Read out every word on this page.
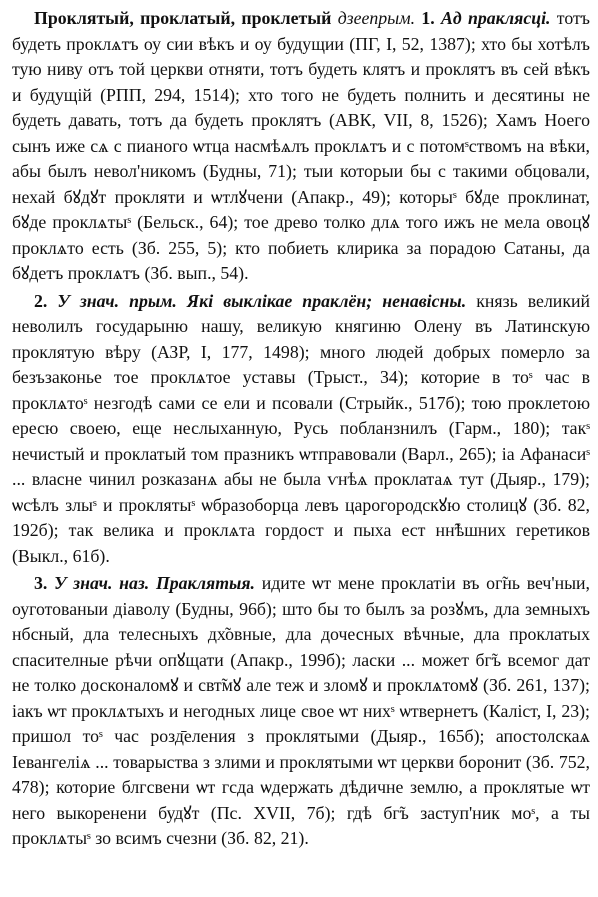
Проклятый, проклатый, проклетый дзеeпрым. 1. Ад праклясці. тотъ будеть проклѧтъ оу сии вѣкъ и оу будущии (ПГ, I, 52, 1387); хто бы хотѣлъ тую ниву отъ той церкви отняти, тотъ будеть клятъ и проклятъ въ сей вѣкъ и будущій (РПП, 294, 1514); хто того не будеть полнить и десятины не будеть давать, тотъ да будеть проклятъ (АВК, VII, 8, 1526); Хамъ Ноего сынъ иже сѧ с пианого ѡтца насмѣѧлъ проклѧтъ и с потомˢствомъ на вѣки, абы былъ невол'никомъ (Будны, 71); тыи которыи бы с такими обцовали, нехай бꙋдꙋт прокляти и ѡтлꙋчени (Апакр., 49); которыˢ бꙋде проклинат, бꙋде проклѧтыˢ (Бельск., 64); тое древо толко длѧ того ижъ не мела овоцꙋ проклѧто есть (Зб. 255, 5); кто побиеть клирика за порадою Сатаны, да бꙋдетъ проклѧтъ (Зб. вып., 54).

2. У знач. прым. Які выклікае праклён; ненавісны. князь великий неволилъ государыню нашу, великую княгиню Олену въ Латинскую проклятую вѣру (АЗР, I, 177, 1498); много людей добрых померло за безъзаконье тое проклѧтое уставы (Трыст., 34); которие в тоˢ час в проклѧтоˢ незгодѣ сами се ели и псовали (Стрыйк., 517б); тою проклетою ересю своею, еще неслыханную, Русь побланзнилъ (Гарм., 180); такˢ нечистый и проклатый том празникъ ѡтправовали (Варл., 265); іа Афанасиˢ ... власне чинил розказанѧ абы не была ѵнѣѧ проклатаѧ тут (Дыяр., 179); ѡсѣлъ злыˢ и проклятыˢ ѡбразоборца левъ царогородскꙋю столицꙋ (Зб. 82, 192б); так велика и проклѧта гордост и пыха ест нн̃ѣшних геретиков (Выкл., 61б).

3. У знач. наз. Праклятыя. идите ѡт мене проклатiи въ ог̃нь веч'ныи, оуготованыи діаволу (Будны, 96б); што бы то былъ за розꙋмъ, дла земныхъ нбсный, дла телесныхъ дх̃овные, дла дочесных вѣчные, дла проклатых спасителные рѣчи опꙋщати (Апакр., 199б); ласки ... может бг̃ъ всемог дат не толко досконаломꙋ и свт̃мꙋ але теж и зломꙋ и проклѧтомꙋ (Зб. 261, 137); іакъ ѡт проклѧтыхъ и негодных лице свое ѡт нихˢ ѡтвернетъ (Каліст, I, 23); пришол тоˢ час розд̄еления з проклятыми (Дыяр., 165б); апостолскаѧ Іевангеліѧ ... товарыства з злими и проклятыми ѡт церкви боронит (Зб. 752, 478); которие блгсвени ѡт гсда ѡдержать дѣдичне землю, а проклятые ѡт него выкоренени будꙋт (Пс. XVII, 7б); гдѣ бг̃ъ заступ'ник моˢ, а ты проклѧтыˢ зо всимъ счезни (Зб. 82, 21).
